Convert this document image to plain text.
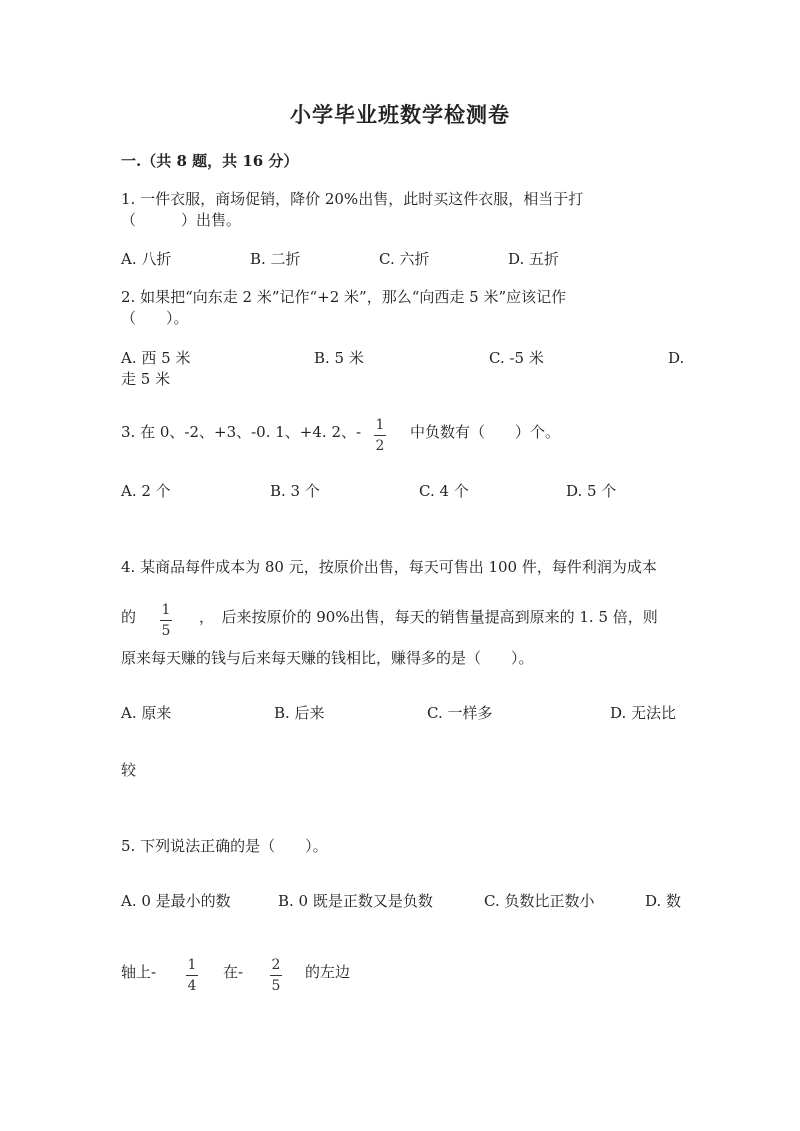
小学毕业班数学检测卷
一.（共 8 题，共 16 分）
1. 一件衣服，商场促销，降价 20%出售，此时买这件衣服，相当于打
（　　　）出售。
A. 八折	B. 二折	C. 六折	D. 五折
2. 如果把“向东走 2 米”记作“+2 米”，那么“向西走 5 米”应该记作
（　　）。
A. 西 5 米	B. 5 米	C. -5 米	D.
走 5 米
3. 在 0、-2、+3、-0. 1、+4. 2、- 1
2
中负数有（　　）个。
A. 2 个	B. 3 个	C. 4 个	D. 5 个
4. 某商品每件成本为 80 元，按原价出售，每天可售出 100 件，每件利润为成本
的 1
5
，　后来按原价的 90%出售，每天的销售量提高到原来的 1. 5 倍，则
原来每天赚的钱与后来每天赚的钱相比，赚得多的是（　　）。
A. 原来	B. 后来	C. 一样多	D. 无法比
较
5. 下列说法正确的是（　　）。
A. 0 是最小的数	B. 0 既是正数又是负数	C. 负数比正数小	D. 数
轴上- 1
4
在- 2
5
的左边
